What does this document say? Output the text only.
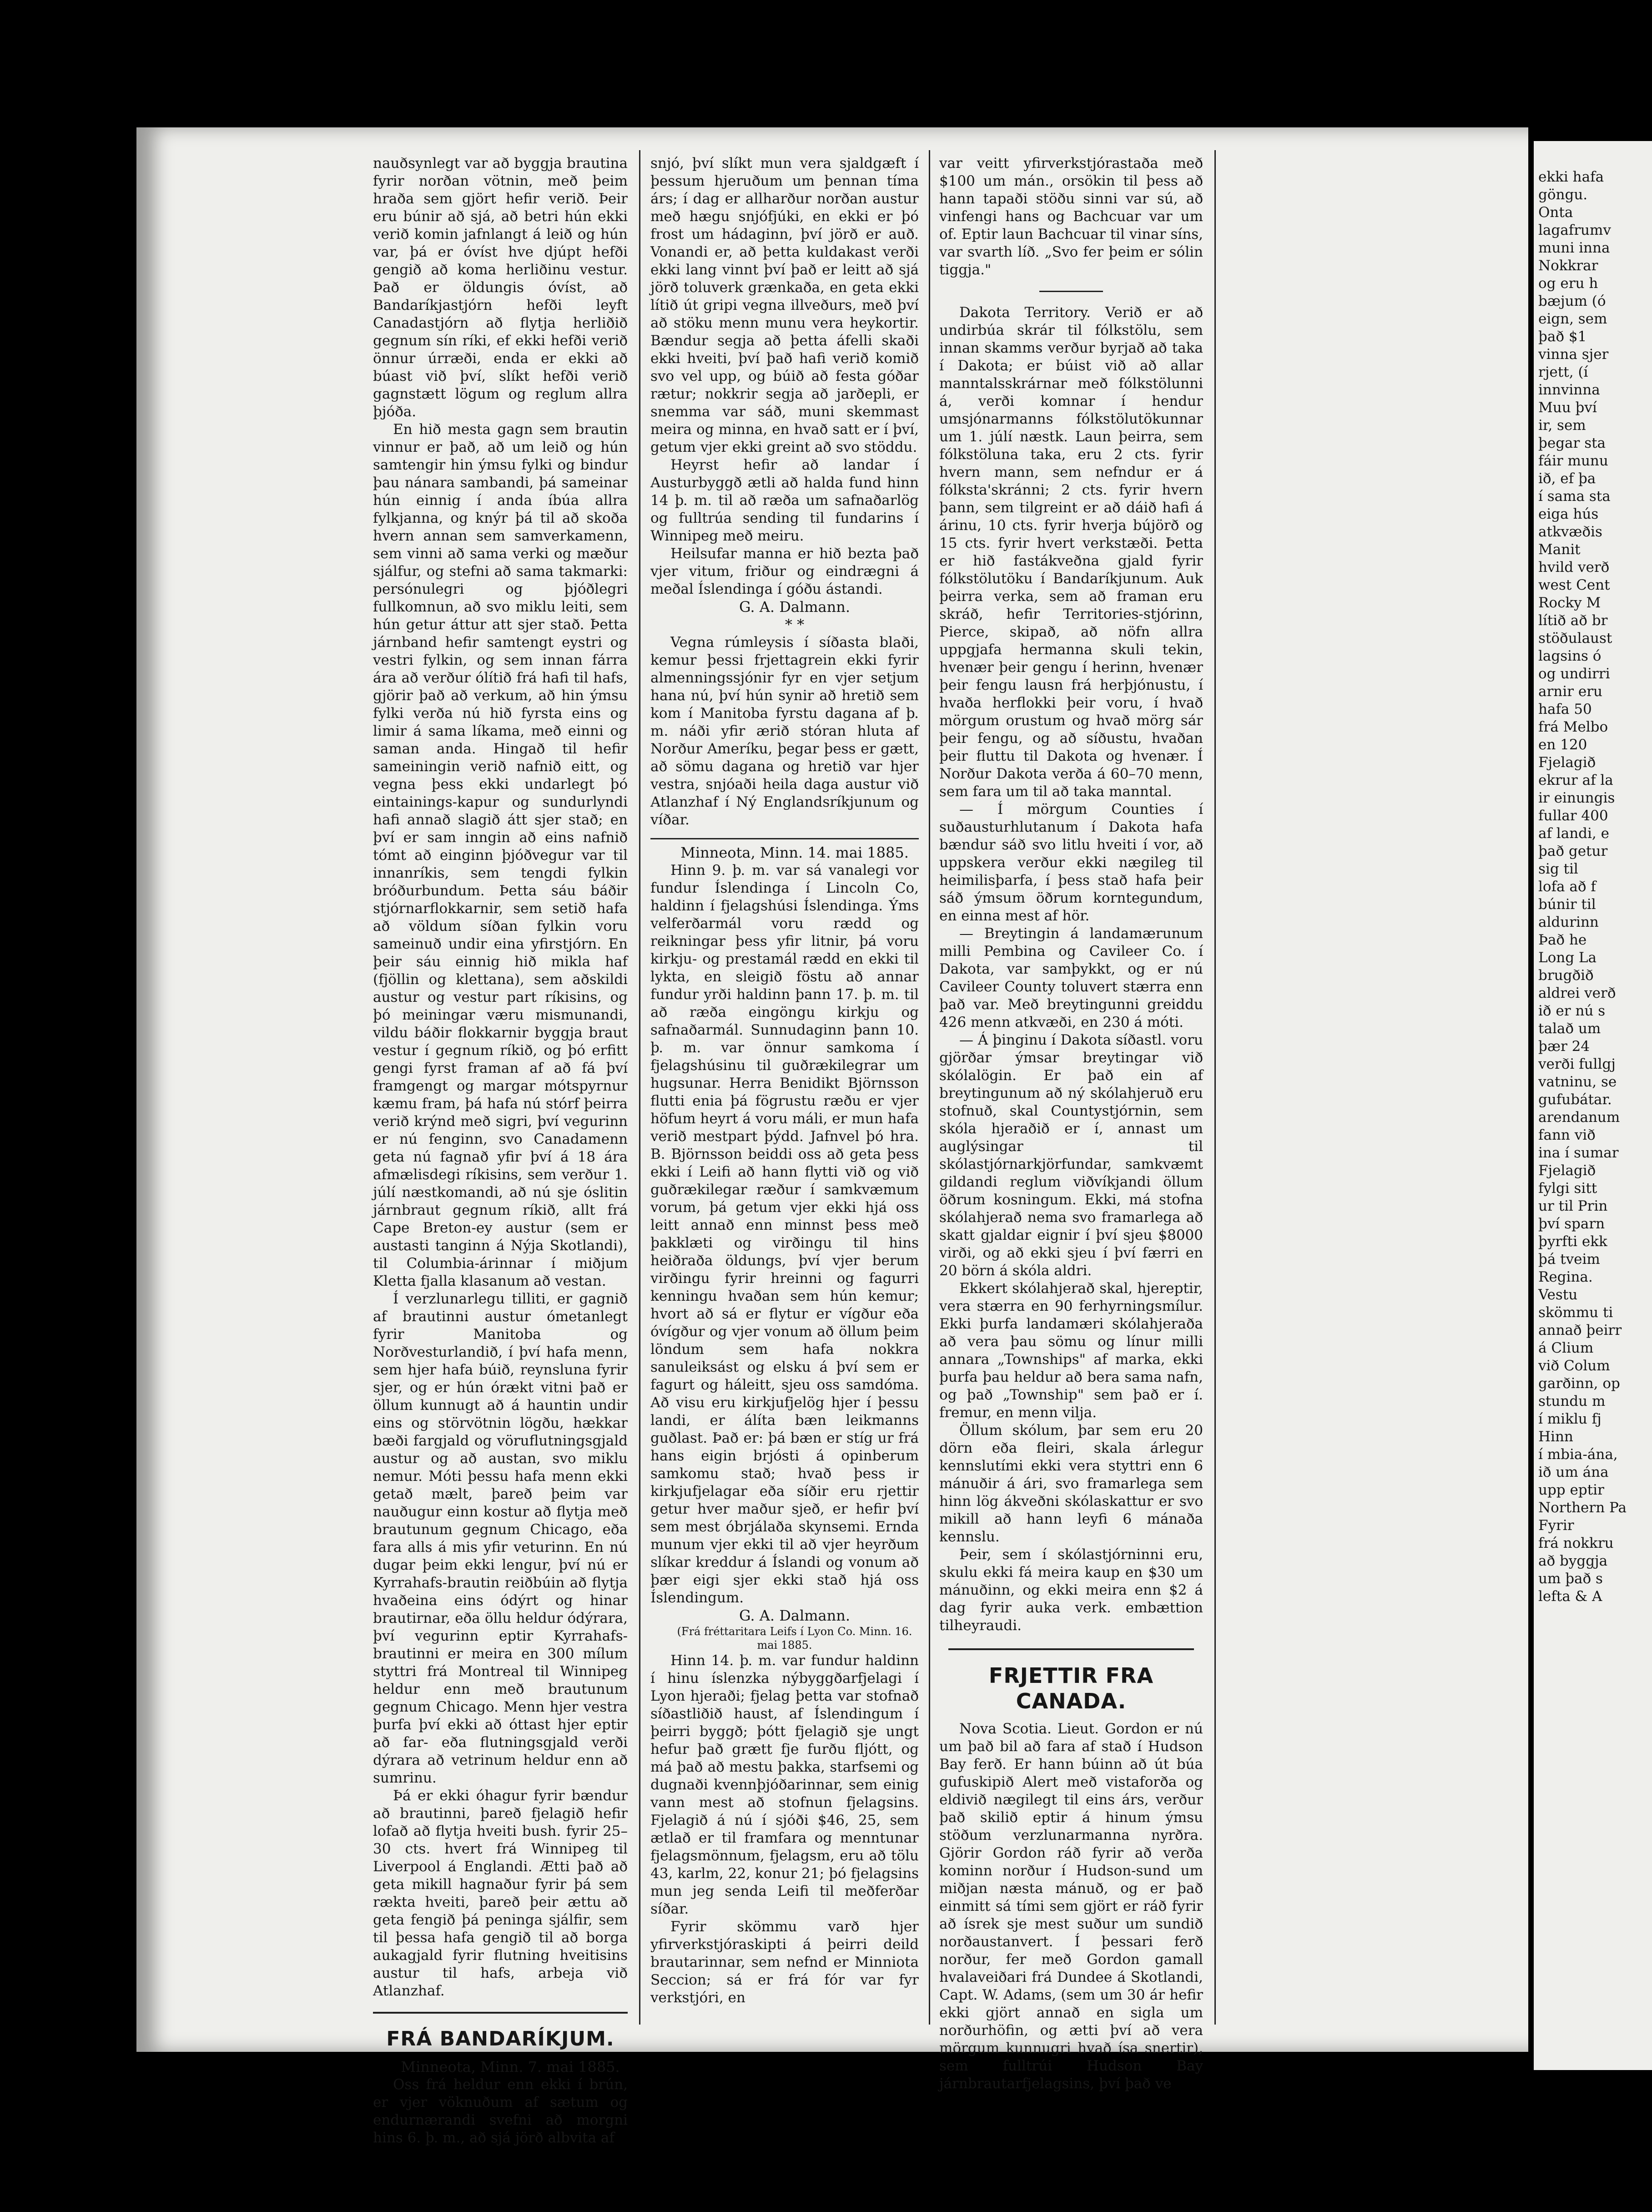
nauðsynlegt var að byggja brautina fyrir norðan vötnin, með þeim hraða sem gjört hefir verið. Þeir eru búnir að sjá, að betri hún ekki verið komin jafnlangt á leið og hún var, þá er óvíst hve djúpt hefði gengið að koma herliðinu vestur. Það er öldungis óvíst, að Bandaríkjastjórn hefði leyft Canadastjórn að flytja herliðið gegnum sín ríki, ef ekki hefði verið önnur úrræði, enda er ekki að búast við því, slíkt hefði verið gagnstætt lögum og reglum allra þjóða.

En hið mesta gagn sem brautin vinnur er það, að um leið og hún samtengir hin ýmsu fylki og bindur þau nánara sambandi, þá sameinar hún einnig í anda íbúa allra fylkjanna, og knýr þá til að skoða hvern annan sem samverkamenn, sem vinni að sama verki og mæður sjálfur, og stefni að sama takmarki: persónulegri og þjóðlegri fullkomnun, að svo miklu leiti, sem hún getur áttur att sjer stað. Þetta járnband hefir samtengt eystri og vestri fylkin, og sem innan fárra ára að verður ólítið frá hafi til hafs, gjörir það að verkum, að hin ýmsu fylki verða nú hið fyrsta eins og limir á sama líkama, með einni og saman anda. Hingað til hefir sameiningin verið nafnið eitt, og vegna þess ekki undarlegt þó eintainings-kapur og sundurlyndi hafi annað slagið átt sjer stað; en því er sam inngin að eins nafnið tómt að einginn þjóðvegur var til innanríkis, sem tengdi fylkin bróðurbundum. Þetta sáu báðir stjórnarflokkarnir, sem setið hafa að völdum síðan fylkin voru sameinuð undir eina yfirstjórn. En þeir sáu einnig hið mikla haf (fjöllin og klettana), sem aðskildi austur og vestur part ríkisins, og þó meiningar væru mismunandi, vildu báðir flokkarnir byggja braut vestur í gegnum ríkið, og þó erfitt gengi fyrst framan af að fá því framgengt og margar mótspyrnur kæmu fram, þá hafa nú stórf þeirra verið krýnd með sigri, því vegurinn er nú fenginn, svo Canadamenn geta nú fagnað yfir því á 18 ára afmælisdegi ríkisins, sem verður 1. júlí næstkomandi, að nú sje óslitin járnbraut gegnum ríkið, allt frá Cape Breton-ey austur (sem er austasti tanginn á Nýja Skotlandi), til Columbia-árinnar í miðjum Kletta fjalla klasanum að vestan.

Í verzlunarlegu tilliti, er gagnið af brautinni austur ómetanlegt fyrir Manitoba og Norðvesturlandið, í því hafa menn, sem hjer hafa búið, reynsluna fyrir sjer, og er hún órækt vitni það er öllum kunnugt að á hauntin undir eins og störvötnin lögðu, hækkar bæði fargjald og vöruflutningsgjald austur og að austan, svo miklu nemur. Móti þessu hafa menn ekki getað mælt, þareð þeim var nauðugur einn kostur að flytja með brautunum gegnum Chicago, eða fara alls á mis yfir veturinn. En nú dugar þeim ekki lengur, því nú er Kyrrahafs-brautin reiðbúin að flytja hvaðeina eins ódýrt og hinar brautirnar, eða öllu heldur ódýrara, því vegurinn eptir Kyrrahafs-brautinni er meira en 300 mílum styttri frá Montreal til Winnipeg heldur enn með brautunum gegnum Chicago. Menn hjer vestra þurfa því ekki að óttast hjer eptir að far- eða flutningsgjald verði dýrara að vetrinum heldur enn að sumrinu.

Þá er ekki óhagur fyrir bændur að brautinni, þareð fjelagið hefir lofað að flytja hveiti bush. fyrir 25–30 cts. hvert frá Winnipeg til Liverpool á Englandi. Ætti það að geta mikill hagnaður fyrir þá sem rækta hveiti, þareð þeir ættu að geta fengið þá peninga sjálfir, sem til þessa hafa gengið til að borga aukagjald fyrir flutning hveitisins austur til hafs, arbeja við Atlanzhaf.

FRÁ BANDARÍKJUM.

Minneota, Minn. 7. mai 1885.

Oss frá heldur enn ekki í brún, er vjer vöknuðum af sætum og endurnærandi svefni að morgni hins 6. þ. m., að sjá jörð albvita af

snjó, því slíkt mun vera sjaldgæft í þessum hjeruðum um þennan tíma árs; í dag er allharður norðan austur með hægu snjófjúki, en ekki er þó frost um hádaginn, því jörð er auð. Vonandi er, að þetta kuldakast verði ekki lang vinnt því það er leitt að sjá jörð toluverk grænkaða, en geta ekki lítið út gripi vegna illveðurs, með því að stöku menn munu vera heykortir. Bændur segja að þetta áfelli skaði ekki hveiti, því það hafi verið komið svo vel upp, og búið að festa góðar rætur; nokkrir segja að jarðepli, er snemma var sáð, muni skemmast meira og minna, en hvað satt er í því, getum vjer ekki greint að svo stöddu.

Heyrst hefir að landar í Austurbyggð ætli að halda fund hinn 14 þ. m. til að ræða um safnaðarlög og fulltrúa sending til fundarins í Winnipeg með meiru.

Heilsufar manna er hið bezta það vjer vitum, friður og eindrægni á meðal Íslendinga í góðu ástandi.

G. A. Dalmann.

* *

Vegna rúmleysis í síðasta blaði, kemur þessi frjettagrein ekki fyrir almenningssjónir fyr en vjer setjum hana nú, því hún synir að hretið sem kom í Manitoba fyrstu dagana af þ. m. náði yfir ærið stóran hluta af Norður Ameríku, þegar þess er gætt, að sömu dagana og hretið var hjer vestra, snjóaði heila daga austur við Atlanzhaf í Ný Englandsríkjunum og víðar.

Minneota, Minn. 14. mai 1885.

Hinn 9. þ. m. var sá vanalegi vor fundur Íslendinga í Lincoln Co, haldinn í fjelagshúsi Íslendinga. Ýms velferðarmál voru rædd og reikningar þess yfir litnir, þá voru kirkju- og prestamál rædd en ekki til lykta, en sleigið föstu að annar fundur yrði haldinn þann 17. þ. m. til að ræða eingöngu kirkju og safnaðarmál. Sunnudaginn þann 10. þ. m. var önnur samkoma í fjelagshúsinu til guðrækilegrar um hugsunar. Herra Benidikt Björnsson flutti enia þá fögrustu ræðu er vjer höfum heyrt á voru máli, er mun hafa verið mestpart þýdd. Jafnvel þó hra. B. Björnsson beiddi oss að geta þess ekki í Leifi að hann flytti við og við guðrækilegar ræður í samkvæmum vorum, þá getum vjer ekki hjá oss leitt annað enn minnst þess með þakklæti og virðingu til hins heiðraða öldungs, því vjer berum virðingu fyrir hreinni og fagurri kenningu hvaðan sem hún kemur; hvort að sá er flytur er vígður eða óvígður og vjer vonum að öllum þeim löndum sem hafa nokkra sanuleiksást og elsku á því sem er fagurt og háleitt, sjeu oss samdóma. Að visu eru kirkjufjelög hjer í þessu landi, er álíta bæn leikmanns guðlast. Það er: þá bæn er stíg ur frá hans eigin brjósti á opinberum samkomu stað; hvað þess ir kirkjufjelagar eða síðir eru rjettir getur hver maður sjeð, er hefir því sem mest óbrjálaða skynsemi. Ernda munum vjer ekki til að vjer heyrðum slíkar kreddur á Íslandi og vonum að þær eigi sjer ekki stað hjá oss Íslendingum.

G. A. Dalmann.

(Frá fréttaritara Leifs í Lyon Co. Minn. 16. mai 1885.

Hinn 14. þ. m. var fundur haldinn í hinu íslenzka nýbyggðarfjelagi í Lyon hjeraði; fjelag þetta var stofnað síðastliðið haust, af Íslendingum í þeirri byggð; þótt fjelagið sje ungt hefur það grætt fje furðu fljótt, og má það að mestu þakka, starfsemi og dugnaði kvennþjóðarinnar, sem einig vann mest að stofnun fjelagsins. Fjelagið á nú í sjóði $46, 25, sem ætlað er til framfara og menntunar fjelagsmönnum, fjelagsm, eru að tölu 43, karlm, 22, konur 21; þó fjelagsins mun jeg senda Leifi til meðferðar síðar.

Fyrir skömmu varð hjer yfirverkstjóraskipti á þeirri deild brautarinnar, sem nefnd er Minniota Seccion; sá er frá fór var fyr verkstjóri, en

var veitt yfirverkstjórastaða með $100 um mán., orsökin til þess að hann tapaði stöðu sinni var sú, að vinfengi hans og Bachcuar var um of. Eptir laun Bachcuar til vinar síns, var svarth líð. „Svo fer þeim er sólin tiggja."

Dakota Territory. Verið er að undirbúa skrár til fólkstölu, sem innan skamms verður byrjað að taka í Dakota; er búist við að allar manntalsskrárnar með fólkstölunni á, verði komnar í hendur umsjónarmanns fólkstölutökunnar um 1. júlí næstk. Laun þeirra, sem fólkstöluna taka, eru 2 cts. fyrir hvern mann, sem nefndur er á fólksta'skránni; 2 cts. fyrir hvern þann, sem tilgreint er að dáið hafi á árinu, 10 cts. fyrir hverja bújörð og 15 cts. fyrir hvert verkstæði. Þetta er hið fastákveðna gjald fyrir fólkstölutöku í Bandaríkjunum. Auk þeirra verka, sem að framan eru skráð, hefir Territories-stjórinn, Pierce, skipað, að nöfn allra uppgjafa hermanna skuli tekin, hvenær þeir gengu í herinn, hvenær þeir fengu lausn frá herþjónustu, í hvaða herflokki þeir voru, í hvað mörgum orustum og hvað mörg sár þeir fengu, og að síðustu, hvaðan þeir fluttu til Dakota og hvenær. Í Norður Dakota verða á 60–70 menn, sem fara um til að taka manntal.

— Í mörgum Counties í suðausturhlutanum í Dakota hafa bændur sáð svo litlu hveiti í vor, að uppskera verður ekki nægileg til heimilisþarfa, í þess stað hafa þeir sáð ýmsum öðrum korntegundum, en einna mest af hör.

— Breytingin á landamærunum milli Pembina og Cavileer Co. í Dakota, var samþykkt, og er nú Cavileer County toluvert stærra enn það var. Með breytingunni greiddu 426 menn atkvæði, en 230 á móti.

— Á þinginu í Dakota síðastl. voru gjörðar ýmsar breytingar við skólalögin. Er það ein af breytingunum að ný skólahjeruð eru stofnuð, skal Countystjórnin, sem skóla hjeraðið er í, annast um auglýsingar til skólastjórnarkjörfundar, samkvæmt gildandi reglum viðvíkjandi öllum öðrum kosningum. Ekki, má stofna skólahjerað nema svo framarlega að skatt gjaldar eignir í því sjeu $8000 virði, og að ekki sjeu í því færri en 20 börn á skóla aldri.

Ekkert skólahjerað skal, hjereptir, vera stærra en 90 ferhyrningsmílur. Ekki þurfa landamæri skólahjeraða að vera þau sömu og línur milli annara „Townships" af marka, ekki þurfa þau heldur að bera sama nafn, og það „Township" sem það er í. fremur, en menn vilja.

Öllum skólum, þar sem eru 20 dörn eða fleiri, skala árlegur kennslutími ekki vera styttri enn 6 mánuðir á ári, svo framarlega sem hinn lög ákveðni skólaskattur er svo mikill að hann leyfi 6 mánaða kennslu.

Þeir, sem í skólastjórninni eru, skulu ekki fá meira kaup en $30 um mánuðinn, og ekki meira enn $2 á dag fyrir auka verk. embættion tilheyraudi.

FRJETTIR FRA CANADA.

Nova Scotia. Lieut. Gordon er nú um það bil að fara af stað í Hudson Bay ferð. Er hann búinn að út búa gufuskipið Alert með vistaforða og eldivið nægilegt til eins árs, verður það skilið eptir á hinum ýmsu stöðum verzlunarmanna nyrðra. Gjörir Gordon ráð fyrir að verða kominn norður í Hudson-sund um miðjan næsta mánuð, og er það einmitt sá tími sem gjört er ráð fyrir að ísrek sje mest suður um sundið norðaustanvert. Í þessari ferð norður, fer með Gordon gamall hvalaveiðari frá Dundee á Skotlandi, Capt. W. Adams, (sem um 30 ár hefir ekki gjört annað en sigla um norðurhöfin, og ætti því að vera mörgum kunnugri hvað ísa snertir), sem fulltrúi Hudson Bay járnbrautarfjelagsins, því það ve

ekki hafa
göngu.
Onta
lagafrumv
muni inna
Nokkrar
og eru h
bæjum (ó
eign, sem
það $1
vinna sjer
rjett, (í
innvinna
Muu því
ir, sem
þegar sta
fáir munu
ið, ef þa
í sama sta
eiga hús
atkvæðis
Manit
hvild verð
west Cent
Rocky M
lítið að br
stöðulaust
lagsins ó
og undirri
arnir eru
hafa 50
frá Melbo
en 120
Fjelagið
ekrur af la
ir einungis
fullar 400
af landi, e
það getur
sig til
lofa að f
búnir til
aldurinn
Það he
Long La
brugðið
aldrei verð
ið er nú s
talað um
þær 24
verði fullgj
vatninu, se
gufubátar.
arendanum
fann við
ina í sumar
Fjelagið
fylgi sitt
ur til Prin
því sparn
þyrfti ekk
þá tveim
Regina.
Vestu
skömmu ti
annað þeirr
á Clium
við Colum
garðinn, op
stundu m
í miklu fj
Hinn
í mbia-ána,
ið um ána
upp eptir
Northern Pa
Fyrir
frá nokkru
að byggja
um það s
lefta & A
